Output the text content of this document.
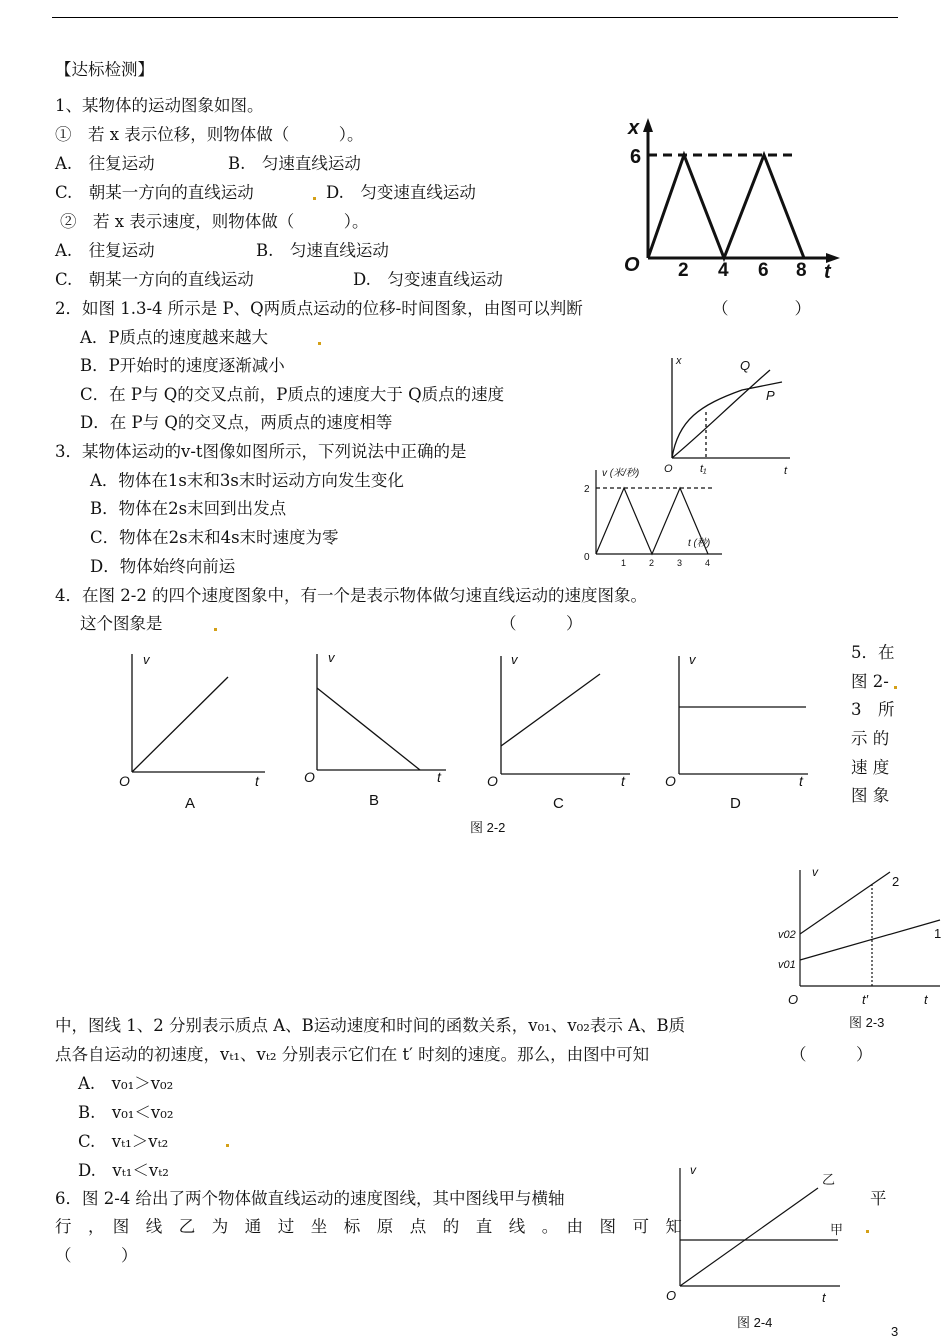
【达标检测】
1、某物体的运动图象如图。
①　若 x 表示位移，则物体做（　　　）。
A.　往复运动	B.　匀速直线运动
C.　朝某一方向的直线运动	D.　匀变速直线运动
②　若 x 表示速度，则物体做（　　　）。
A.　往复运动	B.　匀速直线运动
C.　朝某一方向的直线运动	D.　匀变速直线运动
x
t
O
6
2 4 6 8
2．如图 1.3-4 所示是 P、Q两质点运动的位移-时间图象，由图可以判断	（　　　　）
A．P质点的速度越来越大
B．P开始时的速度逐渐减小
C．在 P与 Q的交叉点前，P质点的速度大于 Q质点的速度
D．在 P与 Q的交叉点，两质点的速度相等
x
t
O t₁
Q
P
3．某物体运动的v-t图像如图所示，下列说法中正确的是
A．物体在1s末和3s末时运动方向发生变化
B．物体在2s末回到出发点
C．物体在2s末和4s末时速度为零
D．物体始终向前运
v (米/秒)
t (秒)
0
2
1	2	3	4
4．在图 2-2 的四个速度图象中，有一个是表示物体做匀速直线运动的速度图象。
这个图象是	（　　　）
v
t
O
A
v
t
O
B
v
t
O
C
v
t
O
D
图 2-2
5．在
图 2-
3　所
示 的
速 度
图 象
v
t
O	t′
v02
v01
2
1
图 2-3
中，图线 1、2 分别表示质点 A、B运动速度和时间的函数关系，v₀₁、v₀₂表示 A、B质
点各自运动的初速度，vₜ₁、vₜ₂ 分别表示它们在 t′ 时刻的速度。那么，由图中可知	（　　　）
A.　v₀₁＞v₀₂
B.　v₀₁＜v₀₂
C.　vₜ₁＞vₜ₂
D.　vₜ₁＜vₜ₂
6．图 2-4 给出了两个物体做直线运动的速度图线，其中图线甲与横轴	平
行　，　图　线　乙　为　通　过　坐　标　原　点　的　直　线　。　由　图　可　知
（　　　）
v
t
O
乙
甲
图 2-4
3
